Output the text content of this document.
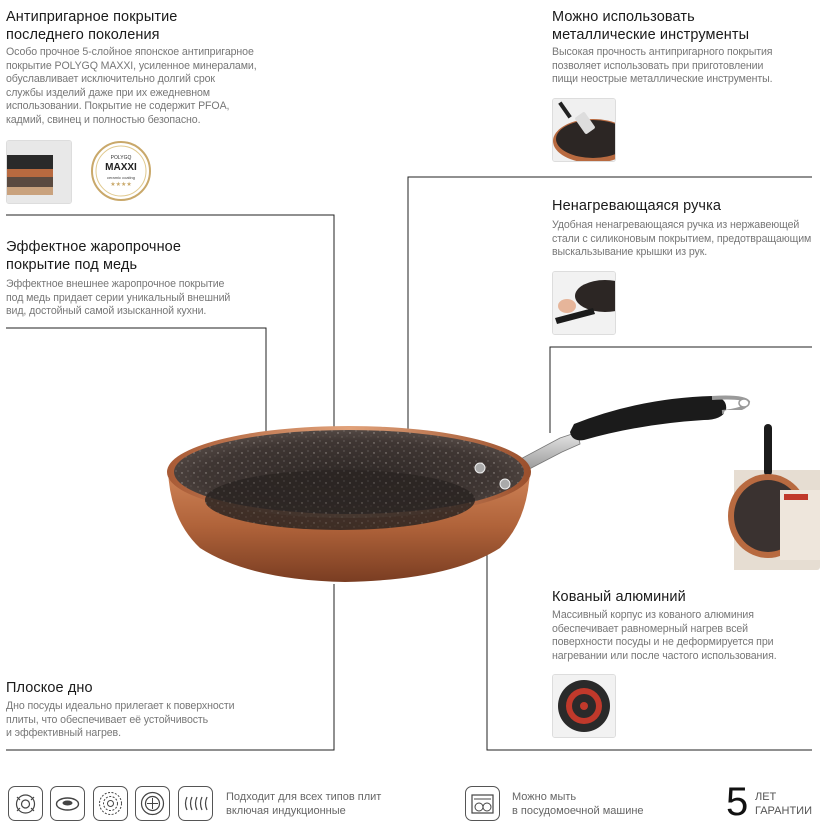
Антипригарное покрытие
последнего поколения
Особо прочное 5-слойное японское антипригарное
покрытие POLYGQ MAXXI, усиленное минералами,
обуславливает исключительно долгий срок
службы изделий даже при их ежедневном
использовании. Покрытие не содержит PFOA,
кадмий, свинец и полностью безопасно.
POLYGQ
MAXXI
ceramic coating
★★★★
Можно использовать
металлические инструменты
Высокая прочность антипригарного покрытия
позволяет использовать при приготовлении
пищи неострые металлические инструменты.
Эффектное жаропрочное
покрытие под медь
Эффектное внешнее жаропрочное покрытие
под медь придает серии уникальный внешний
вид, достойный самой изысканной кухни.
Ненагревающаяся ручка
Удобная ненагревающаяся ручка из нержавеющей
стали с силиконовым покрытием, предотвращающим
выскальзывание крышки из рук.
Кованый алюминий
Массивный корпус из кованого алюминия
обеспечивает равномерный нагрев всей
поверхности посуды и не деформируется при
нагревании или после частого использования.
Плоское дно
Дно посуды идеально прилегает к поверхности
плиты, что обеспечивает её устойчивость
и эффективный нагрев.
Подходит для всех типов плит
включая индукционные
Можно мыть
в посудомоечной машине	5 ЛЕТ
ГАРАНТИИ
